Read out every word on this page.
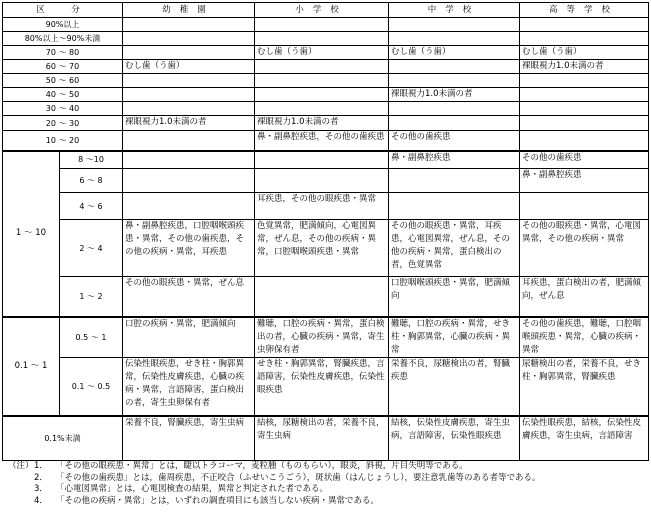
区　分		幼稚園	小学校	中学校	高等学校
90%以上					
80%以上～90%未満					
70 ～ 80			むし歯（う歯）	むし歯（う歯）	むし歯（う歯）
60 ～ 70		むし歯（う歯）			裸眼視力1.0未満の者
50 ～ 60					
40 ～ 50				裸眼視力1.0未満の者	
30 ～ 40					
20 ～ 30		裸眼視力1.0未満の者	裸眼視力1.0未満の者		
10 ～ 20			鼻・副鼻腔疾患，その他の歯疾患	その他の歯疾患	
1 ～ 10	8 ～10			鼻・副鼻腔疾患	その他の歯疾患
	6 ～ 8				鼻・副鼻腔疾患
	4 ～ 6		耳疾患，その他の眼疾患・異常		
	2 ～ 4	鼻・副鼻腔疾患，口腔咽喉頭疾患・異常，その他の歯疾患，その他の疾病・異常，耳疾患	色覚異常，肥満傾向，心電図異常，ぜん息，その他の疾病・異常，口腔咽喉頭疾患・異常	その他の眼疾患・異常，耳疾患，心電図異常，ぜん息，その他の疾病・異常，蛋白検出の者，色覚異常	その他の眼疾患・異常，心電図異常，その他の疾病・異常
	1 ～ 2	その他の眼疾患・異常，ぜん息		口腔咽喉頭疾患・異常，肥満傾向	耳疾患，蛋白検出の者，肥満傾向，ぜん息
0.1 ～ 1	0.5 ～ 1	口腔の疾病・異常，肥満傾向	難聴，口腔の疾病・異常，蛋白検出の者，心臓の疾病・異常，寄生虫卵保有者	難聴，口腔の疾病・異常，せき柱・胸郭異常，心臓の疾病・異常	その他の歯疾患，難聴，口腔咽喉頭疾患・異常，心臓の疾病・異常
	0.1 ～ 0.5	伝染性眼疾患，せき柱・胸郭異常，伝染性皮膚疾患，心臓の疾病・異常，言語障害，蛋白検出の者，寄生虫卵保有者	せき柱・胸郭異常，腎臓疾患，言語障害，伝染性皮膚疾患，伝染性眼疾患	栄養不良，尿糖検出の者，腎臓疾患	尿糖検出の者，栄養不良，せき柱・胸郭異常，腎臓疾患
0.1%未満		栄養不良，腎臓疾患，寄生虫病	結核，尿糖検出の者，栄養不良，寄生虫病	結核，伝染性皮膚疾患，寄生虫病，言語障害，伝染性眼疾患	伝染性眼疾患，結核，伝染性皮膚疾患，寄生虫病，言語障害
（注） 1． 「その他の眼疾患・異常」とは，睫以トラコーマ，麦粒腫（ものもらい），眼炎，斜視，片目失明等である。
2． 「その他の歯疾患」とは，歯周疾患，不正咬合（ふせいこうごう），斑状歯（はんじょうし），要注意乳歯等のある者等である。
3． 「心電図異常」とは，心電図検査の結果，異常と判定された者である。
4． 「その他の疾病・異常」とは，いずれの調査項目にも該当しない疾病・異常である。
